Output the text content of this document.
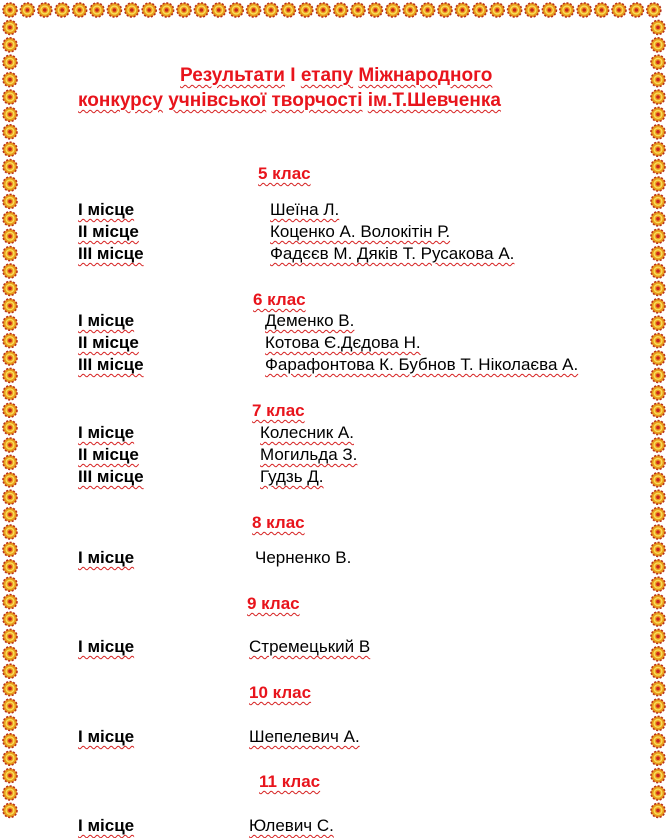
Результати І етапу Міжнародного
конкурсу учнівської творчості ім.Т.Шевченка
5 клас
І місце	Шеїна Л.
ІІ місце	Коценко А. Волокітін Р.
ІІІ місце	Фадєєв М. Дяків Т. Русакова А.
6 клас
І місце	Деменко В.
ІІ місце	Котова Є.Дєдова Н.
ІІІ місце	Фарафонтова К. Бубнов Т. Ніколаєва А.
7 клас
І місце	Колесник А.
ІІ місце	Могильда З.
ІІІ місце	Гудзь Д.
8 клас
І місце	Черненко В.
9 клас
І місце	Стремецький В
10 клас
І місце	Шепелевич А.
11 клас
І місце	Юлевич С.
